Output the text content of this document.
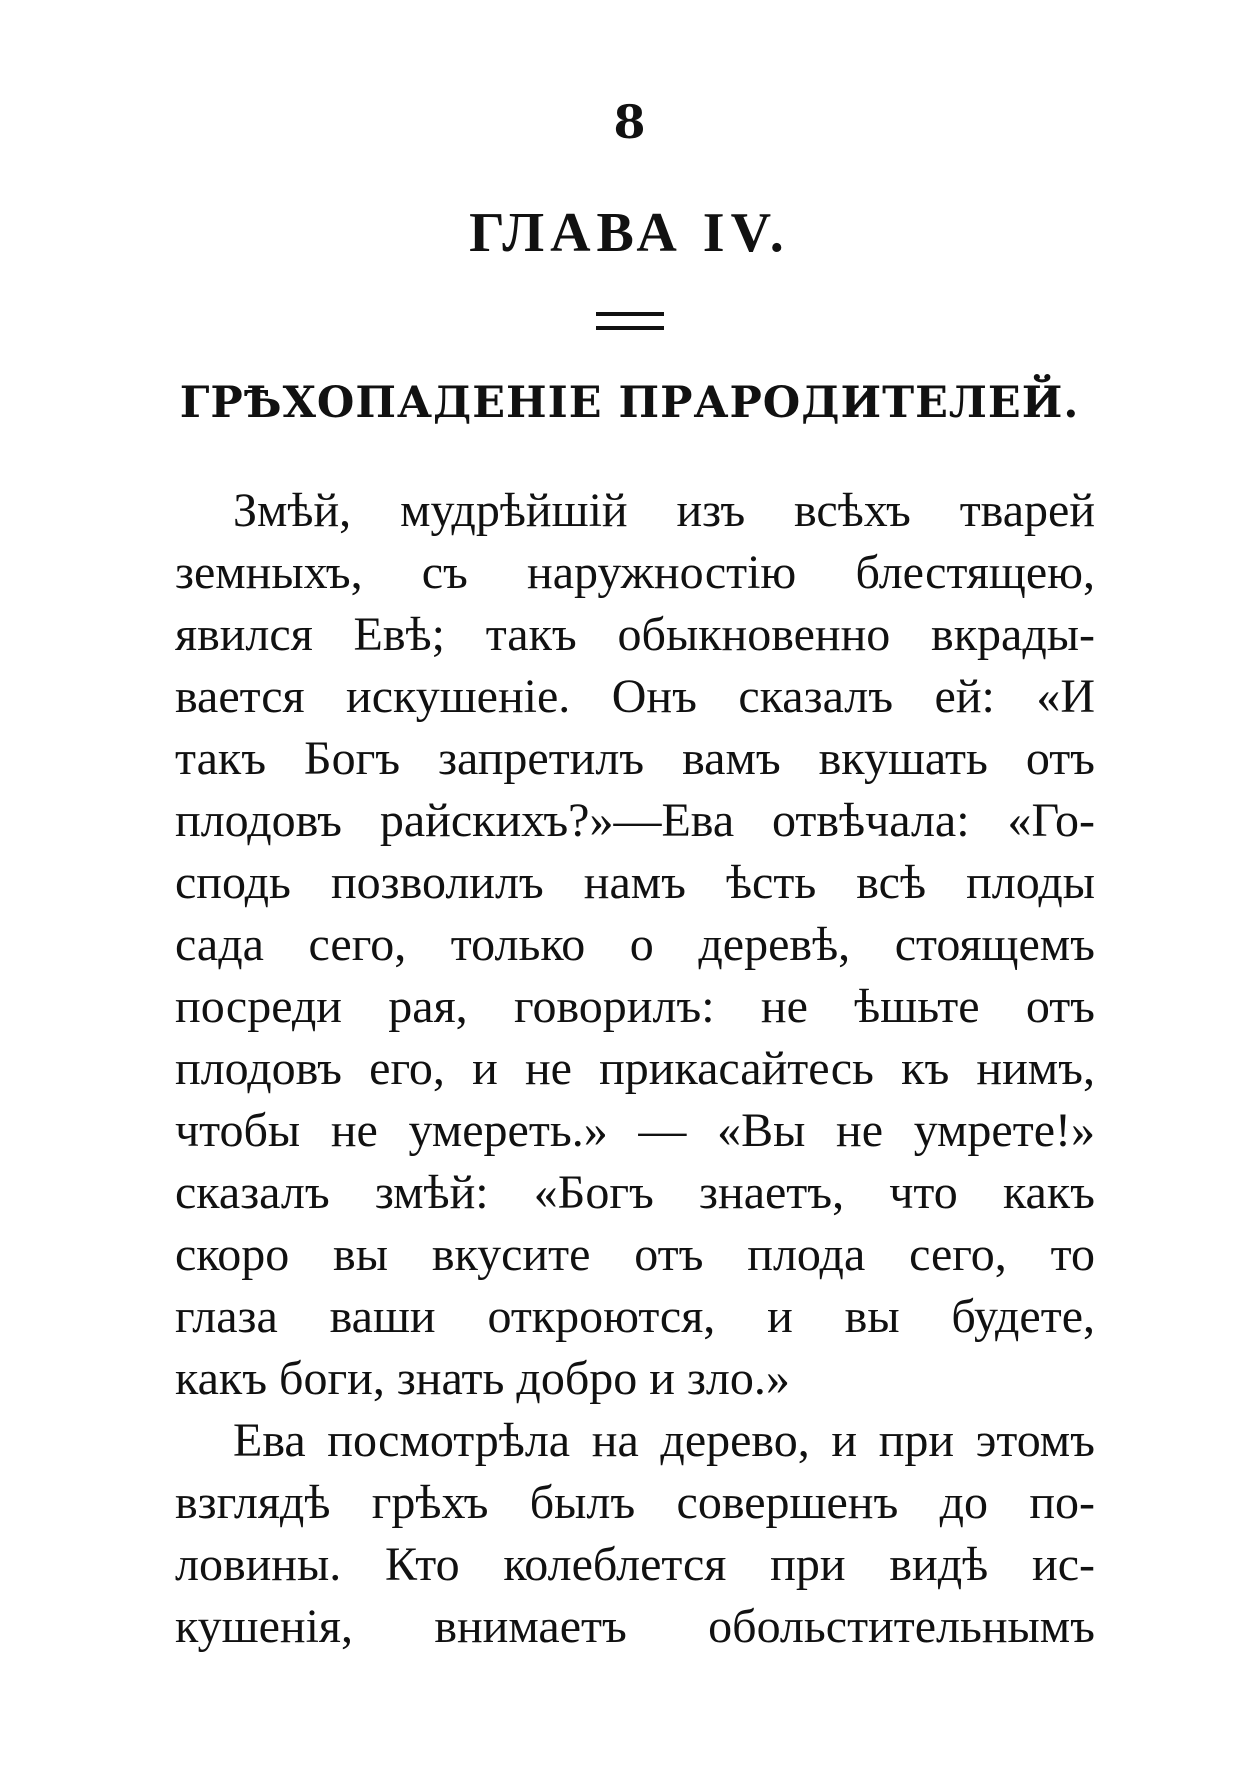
8
ГЛАВА IV.
ГРѢХОПАДЕНІЕ ПРАРОДИТЕЛЕЙ.
Змѣй, мудрѣйшій изъ всѣхъ тварей
земныхъ, съ наружностію блестящею,
явился Евѣ; такъ обыкновенно вкрады-
вается искушеніе. Онъ сказалъ ей: «И
такъ Богъ запретилъ вамъ вкушать отъ
плодовъ райскихъ?»—Ева отвѣчала: «Го-
сподь позволилъ намъ ѣсть всѣ плоды
сада сего, только о деревѣ, стоящемъ
посреди рая, говорилъ: не ѣшьте отъ
плодовъ его, и не прикасайтесь къ нимъ,
чтобы не умереть.» — «Вы не умрете!»
сказалъ змѣй: «Богъ знаетъ, что какъ
скоро вы вкусите отъ плода сего, то
глаза ваши откроются, и вы будете,
какъ боги, знать добро и зло.»
Ева посмотрѣла на дерево, и при этомъ
взглядѣ грѣхъ былъ совершенъ до по-
ловины. Кто колеблется при видѣ ис-
кушенія, внимаетъ обольстительнымъ
